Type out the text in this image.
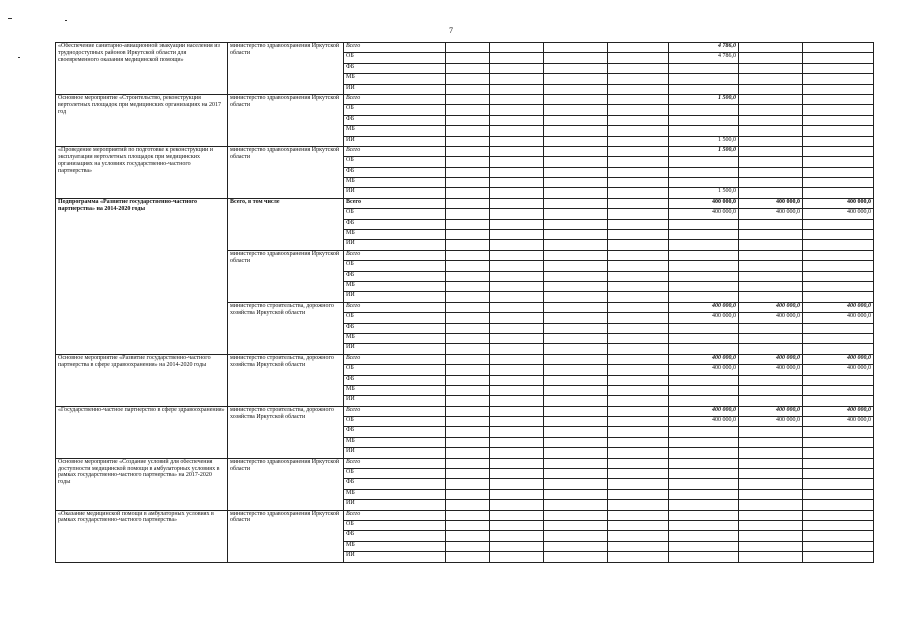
7
«Обеспечение санитарно-авиационной эвакуации населения из труднодоступных районов Иркутской области для своевременного оказания медицинской помощи»	министерство здравоохранения Иркутской области	Всего					4 786,0			
		ОБ					4 786,0			
		ФБ								
		МБ								
		ИИ								
Основное мероприятие «Строительство, реконструкция вертолетных площадок при медицинских организациях на 2017 год	министерство здравоохранения Иркутской области	Всего					1 500,0			
		ОБ								
		ФБ								
		МБ								
		ИИ					1 500,0			
«Проведение мероприятий по подготовке к реконструкции и эксплуатации вертолетных площадок при медицинских организациях на условиях государственно-частного партнерства»	министерство здравоохранения Иркутской области	Всего					1 500,0			
		ОБ								
		ФБ								
		МБ								
		ИИ					1 500,0			
Подпрограмма «Развитие государственно-частного партнерства» на 2014-2020 годы	Всего, в том числе	Всего					400 000,0	400 000,0	400 000,0	
		ОБ					400 000,0	400 000,0	400 000,0	
		ФБ								
		МБ								
		ИИ								
	министерство здравоохранения Иркутской области	Всего								
		ОБ								
		ФБ								
		МБ								
		ИИ								
	министерство строительства, дорожного хозяйства Иркутской области	Всего					400 000,0	400 000,0	400 000,0	
		ОБ					400 000,0	400 000,0	400 000,0	
		ФБ								
		МБ								
		ИИ								
Основное мероприятие «Развитие государственно-частного партнерства в сфере здравоохранения» на 2014-2020 годы	министерство строительства, дорожного хозяйства Иркутской области	Всего					400 000,0	400 000,0	400 000,0	
		ОБ					400 000,0	400 000,0	400 000,0	
		ФБ								
		МБ								
		ИИ								
«Государственно-частное партнерство в сфере здравоохранения»	министерство строительства, дорожного хозяйства Иркутской области	Всего					400 000,0	400 000,0	400 000,0	
		ОБ					400 000,0	400 000,0	400 000,0	
		ФБ								
		МБ								
		ИИ								
Основное мероприятие «Создание условий для обеспечения доступности медицинской помощи в амбулаторных условиях в рамках государственно-частного партнерства» на 2017-2020 годы	министерство здравоохранения Иркутской области	Всего								
		ОБ								
		ФБ								
		МБ								
		ИИ								
«Оказание медицинской помощи в амбулаторных условиях в рамках государственно-частного партнерства»	министерство здравоохранения Иркутской области	Всего								
		ОБ								
		ФБ								
		МБ								
		ИИ								
